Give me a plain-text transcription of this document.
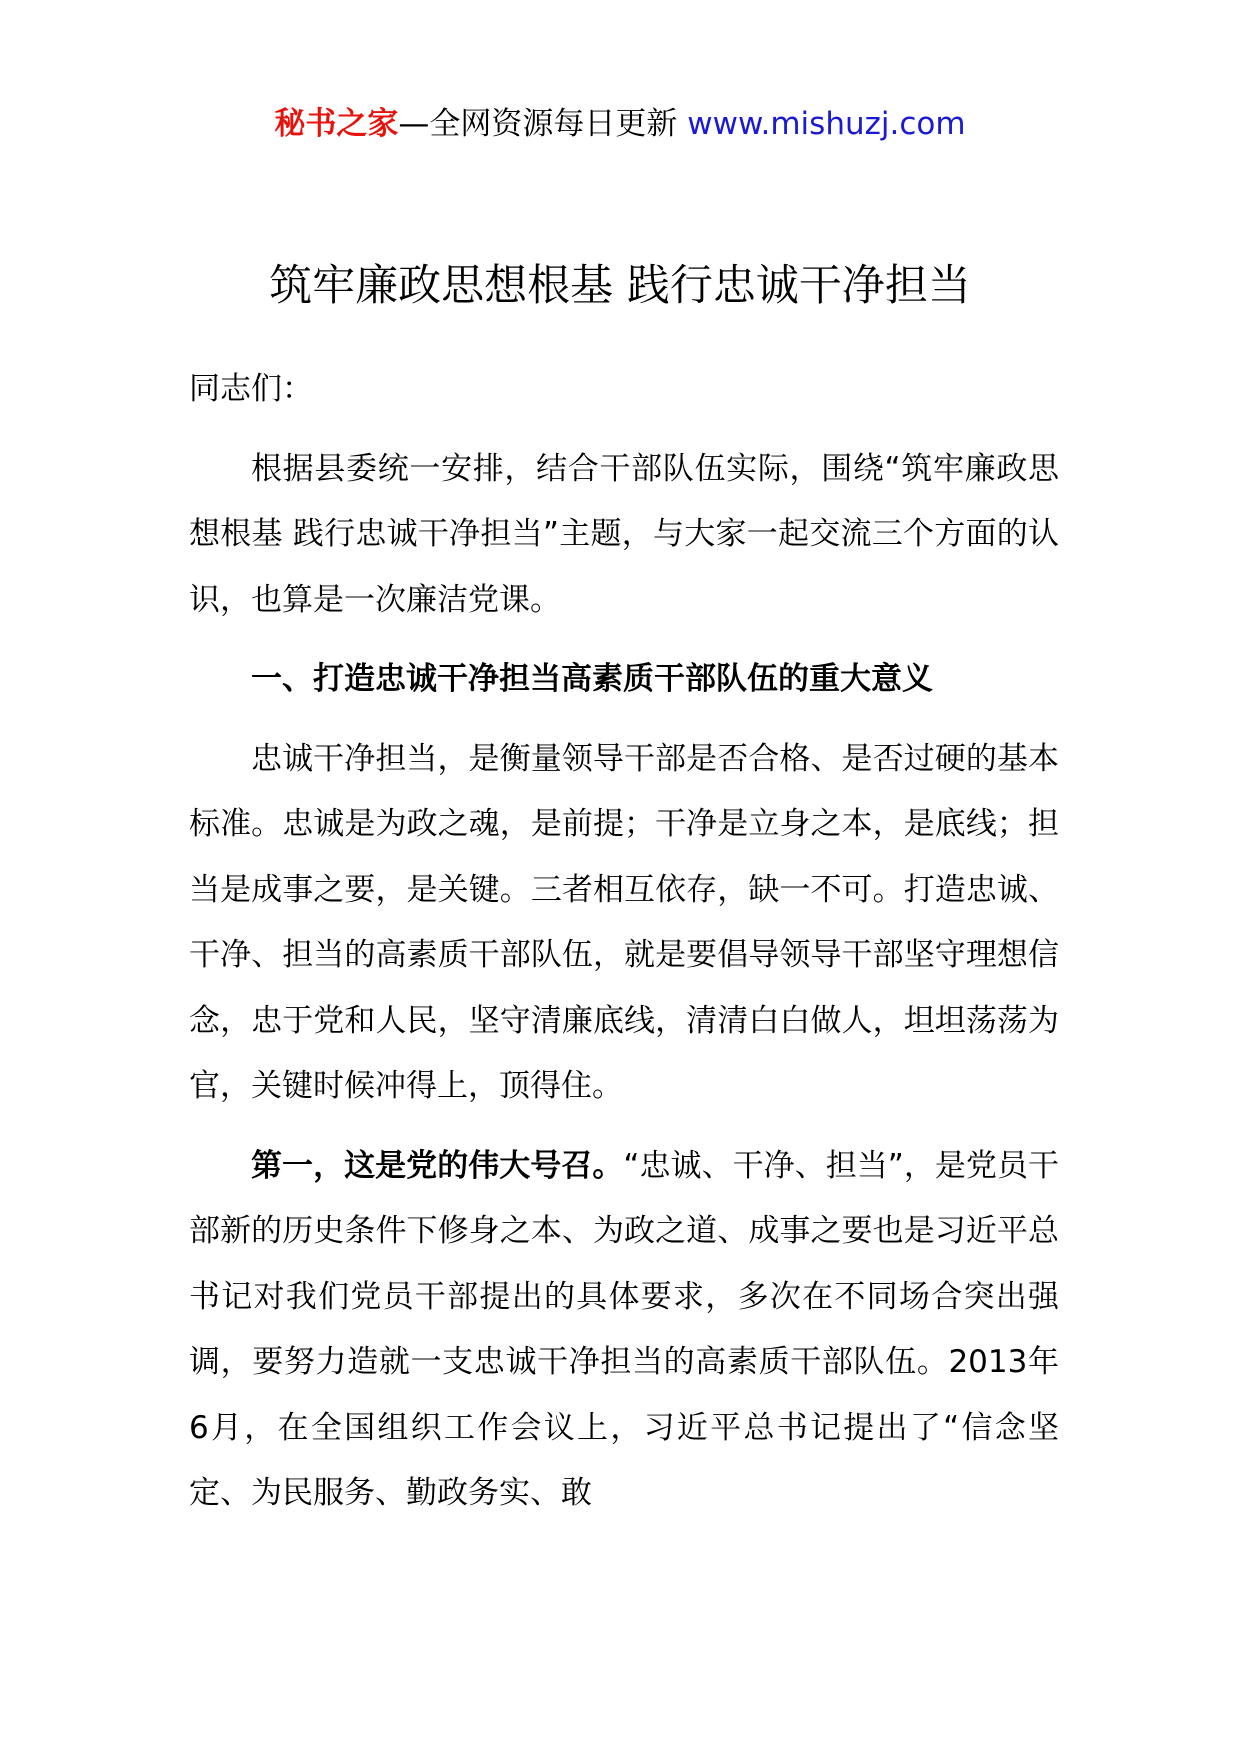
秘书之家—全网资源每日更新 www.mishuzj.com
筑牢廉政思想根基 践行忠诚干净担当

同志们：

根据县委统一安排，结合干部队伍实际，围绕“筑牢廉政思想根基 践行忠诚干净担当”主题，与大家一起交流三个方面的认识，也算是一次廉洁党课。

一、打造忠诚干净担当高素质干部队伍的重大意义

忠诚干净担当，是衡量领导干部是否合格、是否过硬的基本标准。忠诚是为政之魂，是前提；干净是立身之本，是底线；担当是成事之要，是关键。三者相互依存，缺一不可。打造忠诚、干净、担当的高素质干部队伍，就是要倡导领导干部坚守理想信念，忠于党和人民，坚守清廉底线，清清白白做人，坦坦荡荡为官，关键时候冲得上，顶得住。

第一，这是党的伟大号召。“忠诚、干净、担当”，是党员干部新的历史条件下修身之本、为政之道、成事之要也是习近平总书记对我们党员干部提出的具体要求，多次在不同场合突出强调，要努力造就一支忠诚干净担当的高素质干部队伍。2013年6月，在全国组织工作会议上，习近平总书记提出了“信念坚定、为民服务、勤政务实、敢
